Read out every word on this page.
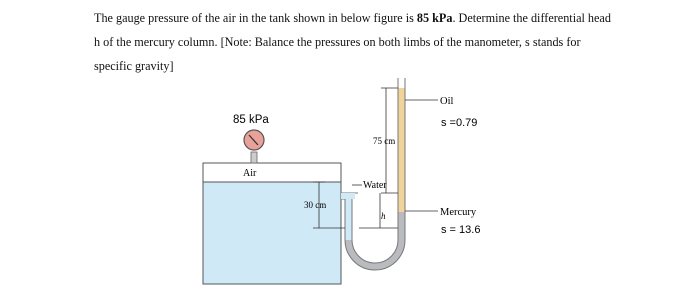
The gauge pressure of the air in the tank shown in below figure is 85 kPa. Determine the differential head h of the mercury column. [Note: Balance the pressures on both limbs of the manometer, s stands for specific gravity]

75 cm
h
30 cm
85 kPa
Air
Water
Oil
s =0.79
Mercury
s = 13.6
